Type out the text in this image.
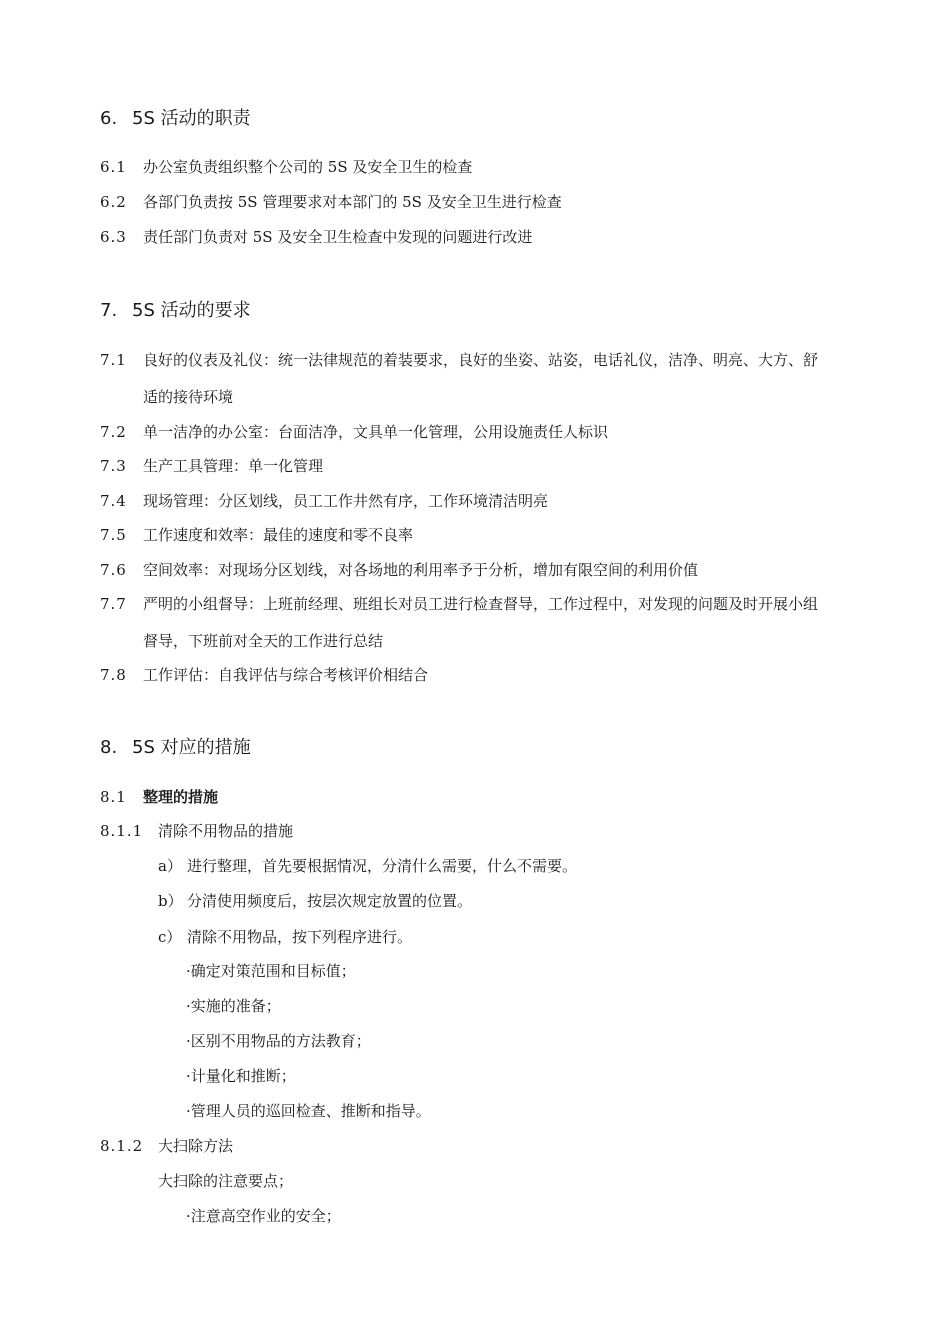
6. 5S 活动的职责
6.1 办公室负责组织整个公司的 5S 及安全卫生的检查
6.2 各部门负责按 5S 管理要求对本部门的 5S 及安全卫生进行检查
6.3 责任部门负责对 5S 及安全卫生检查中发现的问题进行改进
7. 5S 活动的要求
7.1 良好的仪表及礼仪：统一法律规范的着装要求，良好的坐姿、站姿，电话礼仪，洁净、明亮、大方、舒
适的接待环境
7.2 单一洁净的办公室：台面洁净，文具单一化管理，公用设施责任人标识
7.3 生产工具管理：单一化管理
7.4 现场管理：分区划线，员工工作井然有序，工作环境清洁明亮
7.5 工作速度和效率：最佳的速度和零不良率
7.6 空间效率：对现场分区划线，对各场地的利用率予于分析，增加有限空间的利用价值
7.7 严明的小组督导：上班前经理、班组长对员工进行检查督导，工作过程中，对发现的问题及时开展小组
督导，下班前对全天的工作进行总结
7.8 工作评估：自我评估与综合考核评价相结合
8. 5S 对应的措施
8.1 整理的措施
8.1.1 清除不用物品的措施
a） 进行整理，首先要根据情况，分清什么需要，什么不需要。
b） 分清使用频度后，按层次规定放置的位置。
c） 清除不用物品，按下列程序进行。
·确定对策范围和目标值；
·实施的准备；
·区别不用物品的方法教育；
·计量化和推断；
·管理人员的巡回检查、推断和指导。
8.1.2 大扫除方法
大扫除的注意要点；
·注意高空作业的安全；
